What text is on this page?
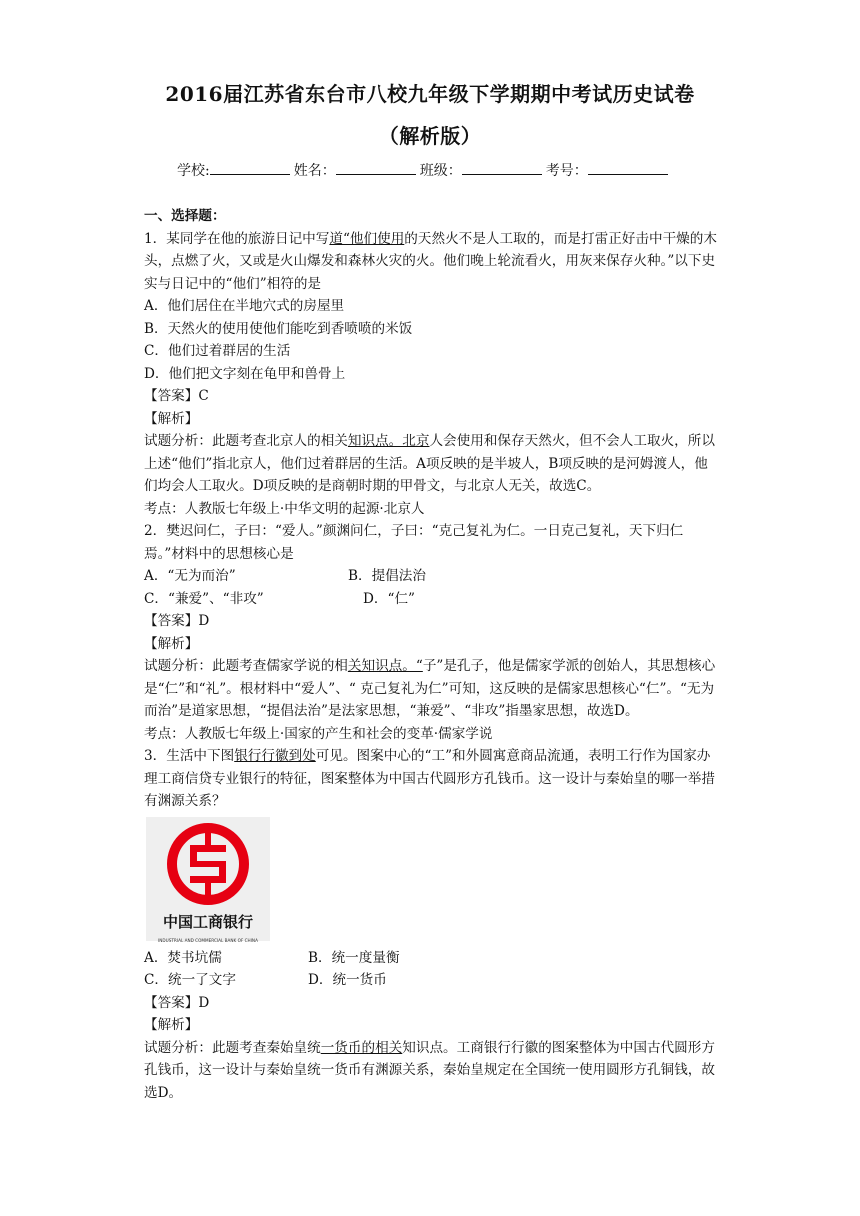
2016届江苏省东台市八校九年级下学期期中考试历史试卷
（解析版）
学校:	姓名：	班级：	考号：

一、选择题：

1．某同学在他的旅游日记中写道“他们使用的天然火不是人工取的，而是打雷正好击中干燥的木头，点燃了火，又或是火山爆发和森林火灾的火。他们晚上轮流看火，用灰来保存火种。”以下史实与日记中的“他们”相符的是

A．他们居住在半地穴式的房屋里

B．天然火的使用使他们能吃到香喷喷的米饭

C．他们过着群居的生活

D．他们把文字刻在龟甲和兽骨上

【答案】C

【解析】

试题分析：此题考查北京人的相关知识点。北京人会使用和保存天然火，但不会人工取火，所以上述“他们”指北京人，他们过着群居的生活。A项反映的是半坡人，B项反映的是河姆渡人，他们均会人工取火。D项反映的是商朝时期的甲骨文，与北京人无关，故选C。

考点：人教版七年级上·中华文明的起源·北京人

2．樊迟问仁，子曰：“爱人。”颜渊问仁，子曰：“克己复礼为仁。一日克己复礼，天下归仁焉。”材料中的思想核心是

A．“无为而治”	B．提倡法治

C．“兼爱”、“非攻”	D．“仁”

【答案】D

【解析】

试题分析：此题考查儒家学说的相关知识点。“子”是孔子，他是儒家学派的创始人，其思想核心是“仁”和“礼”。根材料中“爱人”、“ 克己复礼为仁”可知，这反映的是儒家思想核心“仁”。“无为而治”是道家思想，“提倡法治”是法家思想，“兼爱”、“非攻”指墨家思想，故选D。

考点：人教版七年级上·国家的产生和社会的变革·儒家学说

3．生活中下图银行行徽到处可见。图案中心的“工”和外圆寓意商品流通，表明工行作为国家办理工商信贷专业银行的特征，图案整体为中国古代圆形方孔钱币。这一设计与秦始皇的哪一举措有渊源关系？

中国工商银行
INDUSTRIAL AND COMMERCIAL BANK OF CHINA

A．焚书坑儒	B．统一度量衡

C．统一了文字	D．统一货币

【答案】D

【解析】

试题分析：此题考查秦始皇统一货币的相关知识点。工商银行行徽的图案整体为中国古代圆形方孔钱币，这一设计与秦始皇统一货币有渊源关系，秦始皇规定在全国统一使用圆形方孔铜钱，故选D。
